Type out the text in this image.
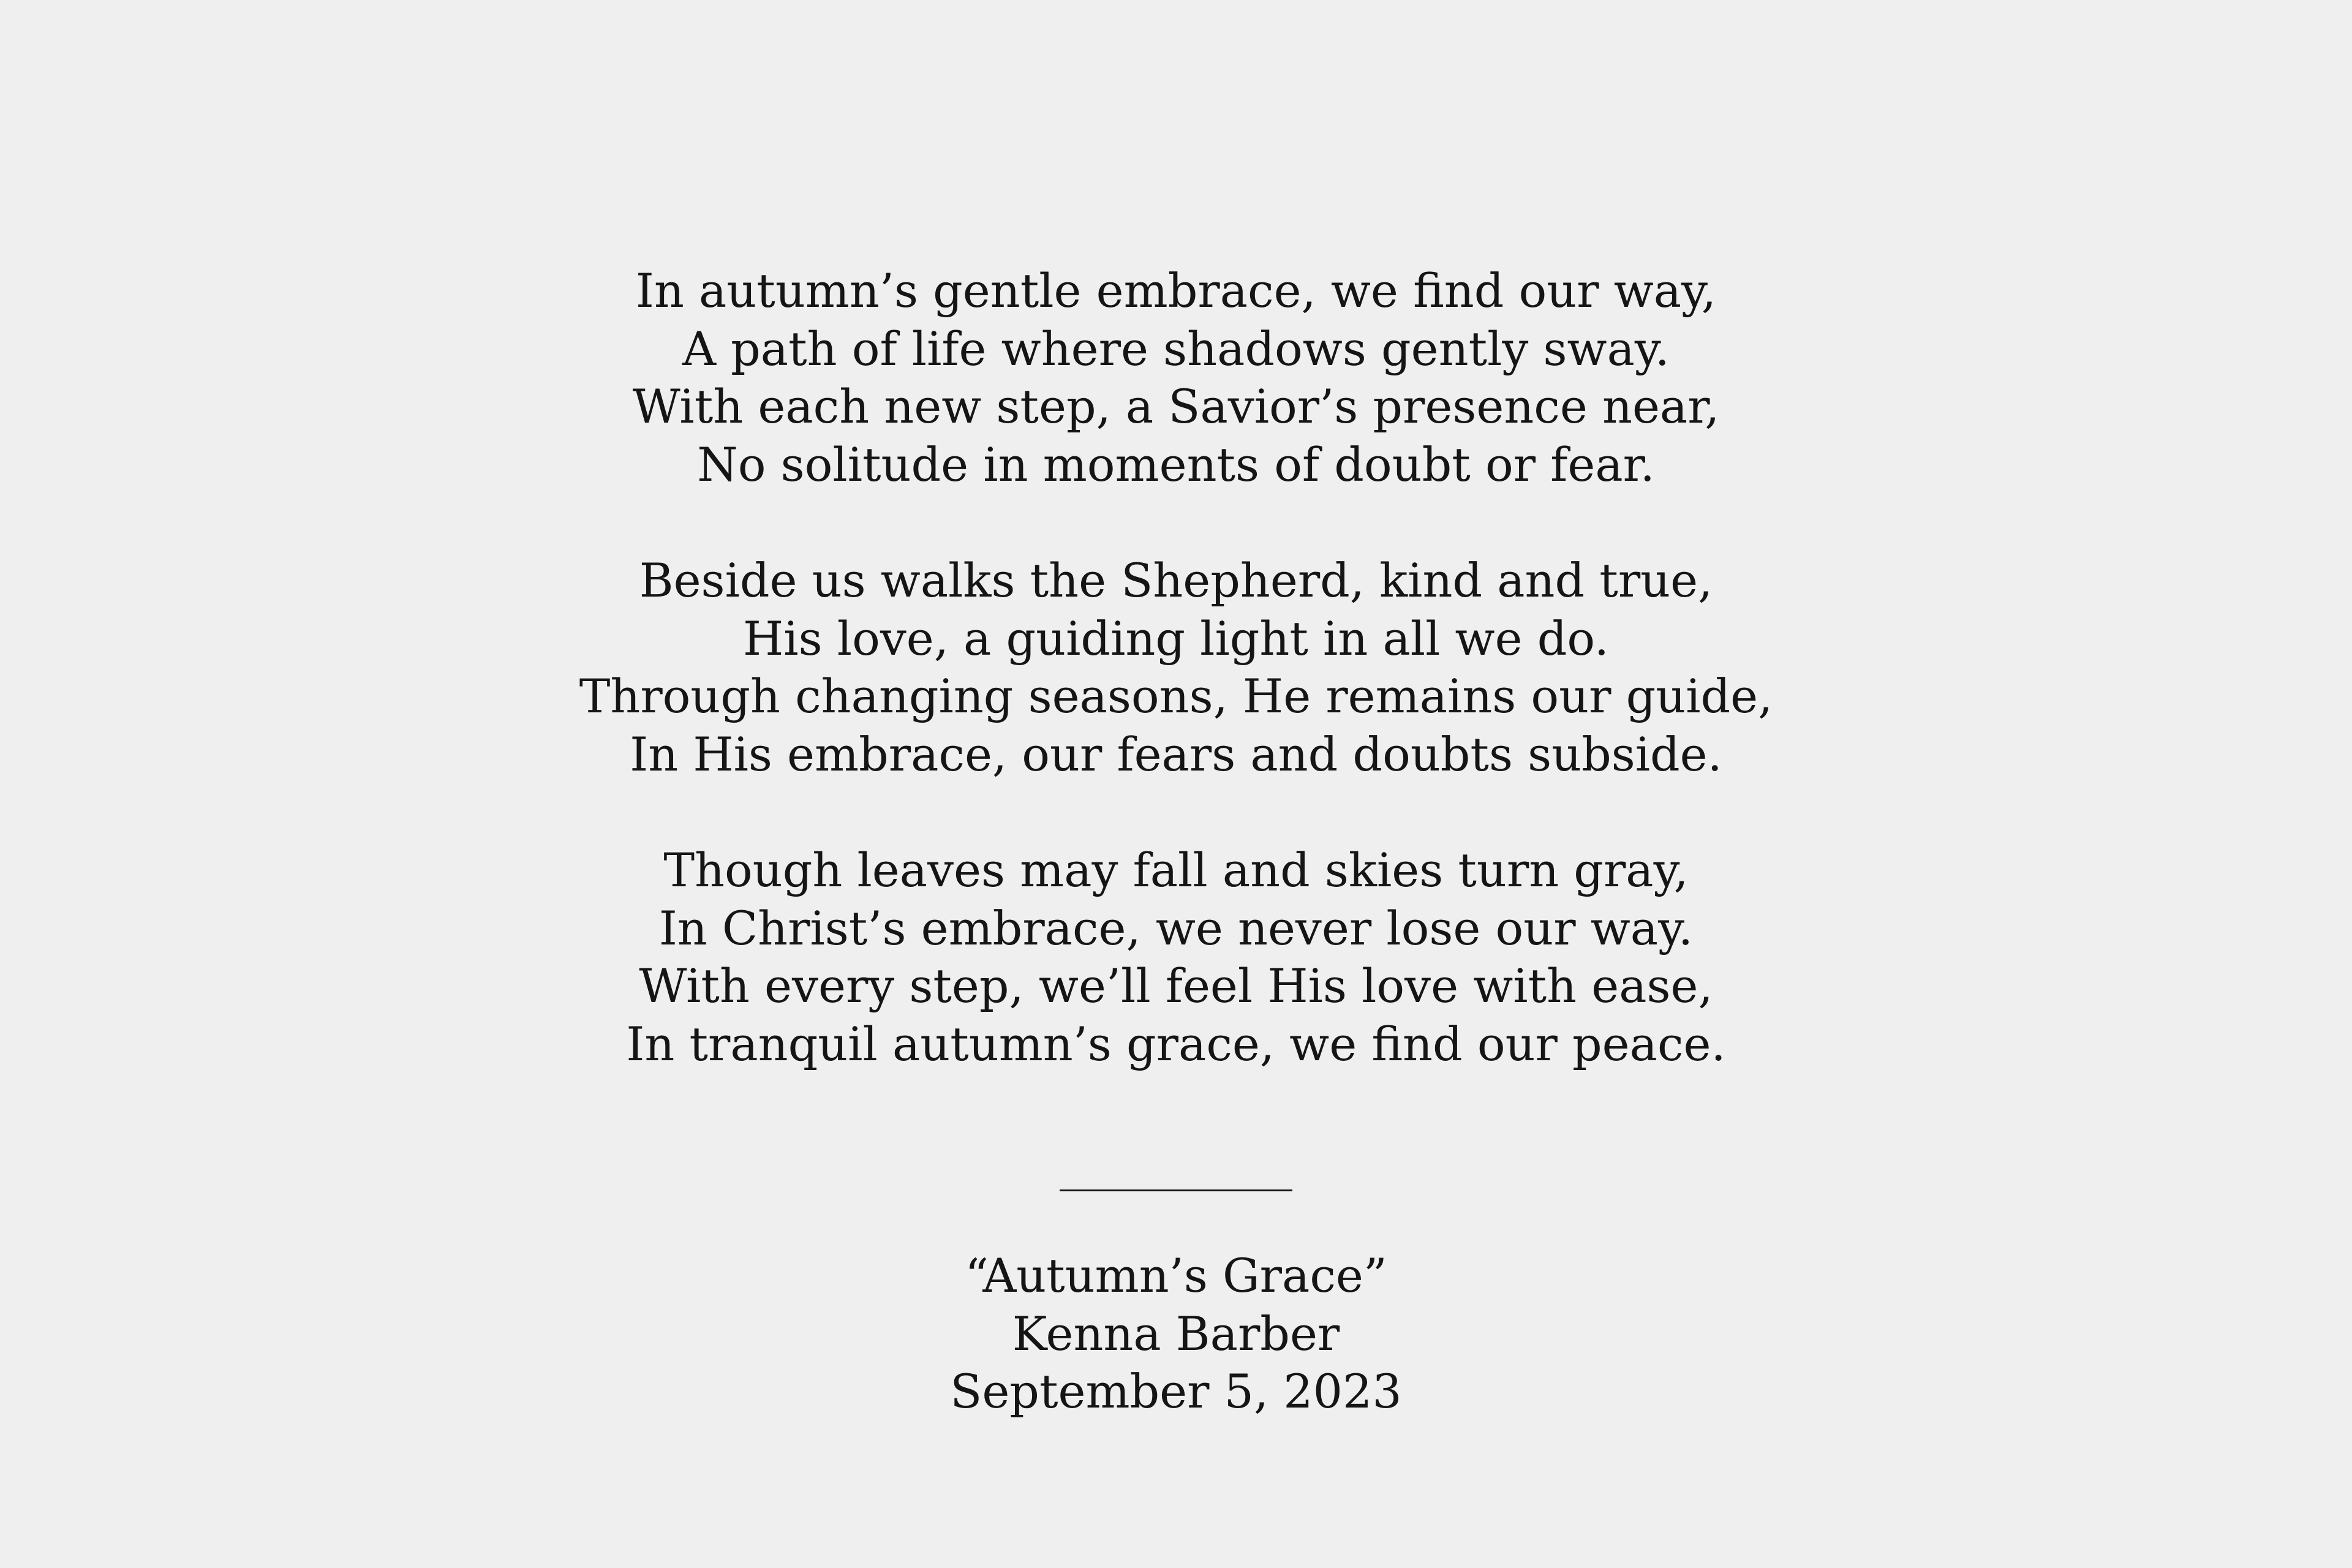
In autumn’s gentle embrace, we find our way,
A path of life where shadows gently sway.
With each new step, a Savior’s presence near,
No solitude in moments of doubt or fear.
Beside us walks the Shepherd, kind and true,
His love, a guiding light in all we do.
Through changing seasons, He remains our guide,
In His embrace, our fears and doubts subside.
Though leaves may fall and skies turn gray,
In Christ’s embrace, we never lose our way.
With every step, we’ll feel His love with ease,
In tranquil autumn’s grace, we find our peace.
__________
“Autumn’s Grace”
Kenna Barber
September 5, 2023
